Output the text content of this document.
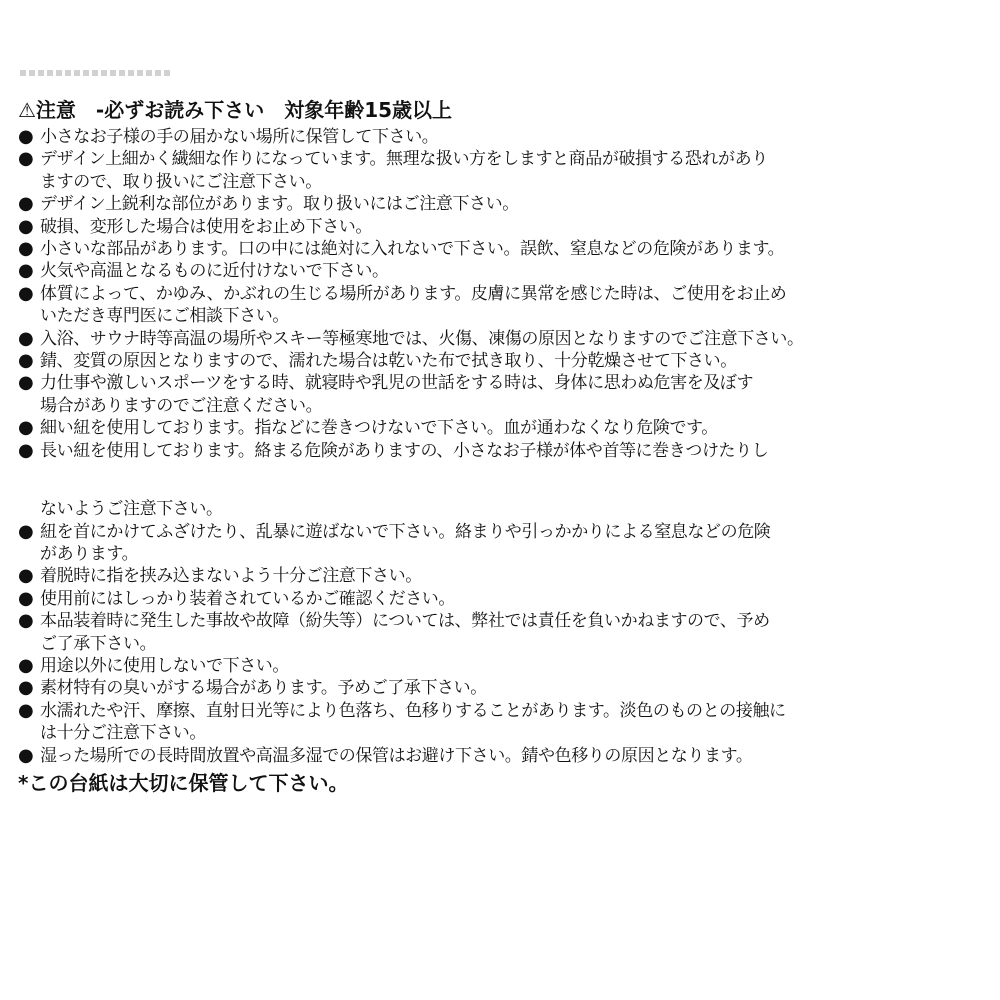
⚠注意　-必ずお読み下さい　対象年齢15歳以上
● 小さなお子様の手の届かない場所に保管して下さい。
● デザイン上細かく繊細な作りになっています。無理な扱い方をしますと商品が破損する恐れがあり
ますので、取り扱いにご注意下さい。
● デザイン上鋭利な部位があります。取り扱いにはご注意下さい。
● 破損、変形した場合は使用をお止め下さい。
● 小さいな部品があります。口の中には絶対に入れないで下さい。誤飲、窒息などの危険があります。
● 火気や高温となるものに近付けないで下さい。
● 体質によって、かゆみ、かぶれの生じる場所があります。皮膚に異常を感じた時は、ご使用をお止め
いただき専門医にご相談下さい。
● 入浴、サウナ時等高温の場所やスキー等極寒地では、火傷、凍傷の原因となりますのでご注意下さい。
● 錆、変質の原因となりますので、濡れた場合は乾いた布で拭き取り、十分乾燥させて下さい。
● 力仕事や激しいスポーツをする時、就寝時や乳児の世話をする時は、身体に思わぬ危害を及ぼす
場合がありますのでご注意ください。
● 細い紐を使用しております。指などに巻きつけないで下さい。血が通わなくなり危険です。
● 長い紐を使用しております。絡まる危険がありますの、小さなお子様が体や首等に巻きつけたりし
ないようご注意下さい。
● 紐を首にかけてふざけたり、乱暴に遊ばないで下さい。絡まりや引っかかりによる窒息などの危険
があります。
● 着脱時に指を挟み込まないよう十分ご注意下さい。
● 使用前にはしっかり装着されているかご確認ください。
● 本品装着時に発生した事故や故障（紛失等）については、弊社では責任を負いかねますので、予め
ご了承下さい。
● 用途以外に使用しないで下さい。
● 素材特有の臭いがする場合があります。予めご了承下さい。
● 水濡れたや汗、摩擦、直射日光等により色落ち、色移りすることがあります。淡色のものとの接触に
は十分ご注意下さい。
● 湿った場所での長時間放置や高温多湿での保管はお避け下さい。錆や色移りの原因となります。
*この台紙は大切に保管して下さい。
